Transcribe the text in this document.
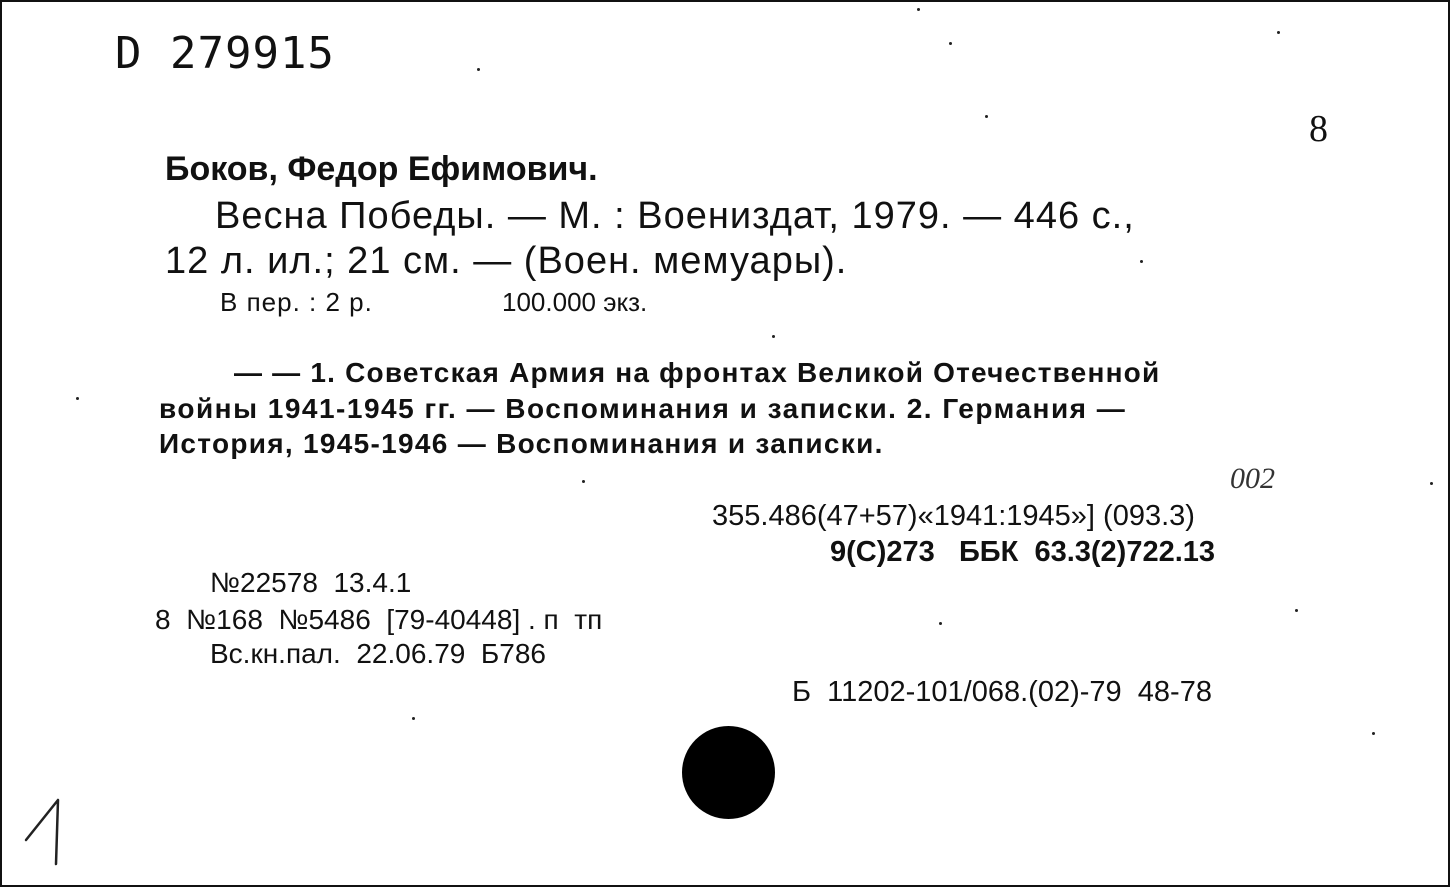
D 279915
8
Боков, Федор Ефимович.
Весна Победы. — М. : Воениздат, 1979. — 446 с.,
12 л. ил.; 21 см. — (Воен. мемуары).
В пер. : 2 р.	100.000 экз.
— — 1. Советская Армия на фронтах Великой Отечественной
войны 1941-1945 гг. — Воспоминания и записки. 2. Германия —
История, 1945-1946 — Воспоминания и записки.
002
355.486(47+57)«1941:1945»] (093.3)
9(С)273   ББК  63.3(2)722.13
№22578  13.4.1
8  №168  №5486  [79-40448] . п  тп
Вс.кн.пал.  22.06.79  Б786
Б  11202-101/068.(02)-79  48-78
